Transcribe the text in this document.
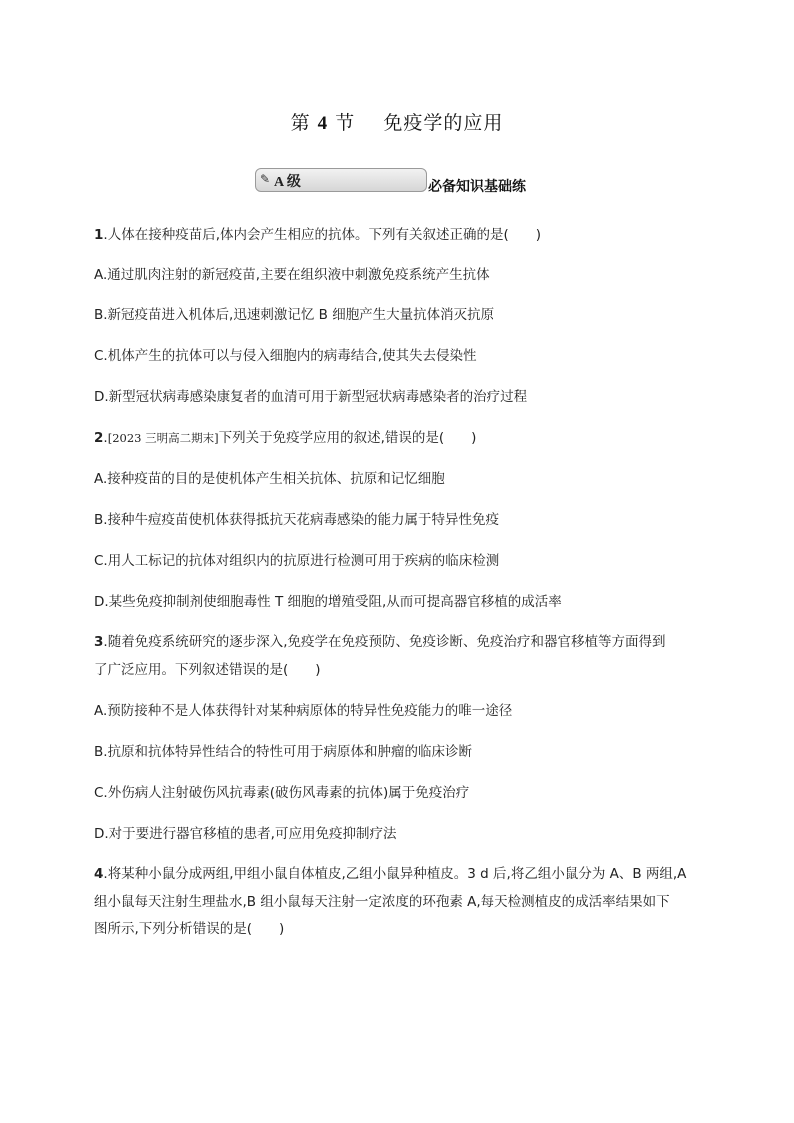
第 4 节 免疫学的应用
✎ A 级	必备知识基础练
1.人体在接种疫苗后,体内会产生相应的抗体。下列有关叙述正确的是(　　)
A.通过肌肉注射的新冠疫苗,主要在组织液中刺激免疫系统产生抗体
B.新冠疫苗进入机体后,迅速刺激记忆 B 细胞产生大量抗体消灭抗原
C.机体产生的抗体可以与侵入细胞内的病毒结合,使其失去侵染性
D.新型冠状病毒感染康复者的血清可用于新型冠状病毒感染者的治疗过程
2.[2023 三明高二期末]下列关于免疫学应用的叙述,错误的是(　　)
A.接种疫苗的目的是使机体产生相关抗体、抗原和记忆细胞
B.接种牛痘疫苗使机体获得抵抗天花病毒感染的能力属于特异性免疫
C.用人工标记的抗体对组织内的抗原进行检测可用于疾病的临床检测
D.某些免疫抑制剂使细胞毒性 T 细胞的增殖受阻,从而可提高器官移植的成活率
3.随着免疫系统研究的逐步深入,免疫学在免疫预防、免疫诊断、免疫治疗和器官移植等方面得到
了广泛应用。下列叙述错误的是(　　)
A.预防接种不是人体获得针对某种病原体的特异性免疫能力的唯一途径
B.抗原和抗体特异性结合的特性可用于病原体和肿瘤的临床诊断
C.外伤病人注射破伤风抗毒素(破伤风毒素的抗体)属于免疫治疗
D.对于要进行器官移植的患者,可应用免疫抑制疗法
4.将某种小鼠分成两组,甲组小鼠自体植皮,乙组小鼠异种植皮。3 d 后,将乙组小鼠分为 A、B 两组,A
组小鼠每天注射生理盐水,B 组小鼠每天注射一定浓度的环孢素 A,每天检测植皮的成活率结果如下
图所示,下列分析错误的是(　　)
